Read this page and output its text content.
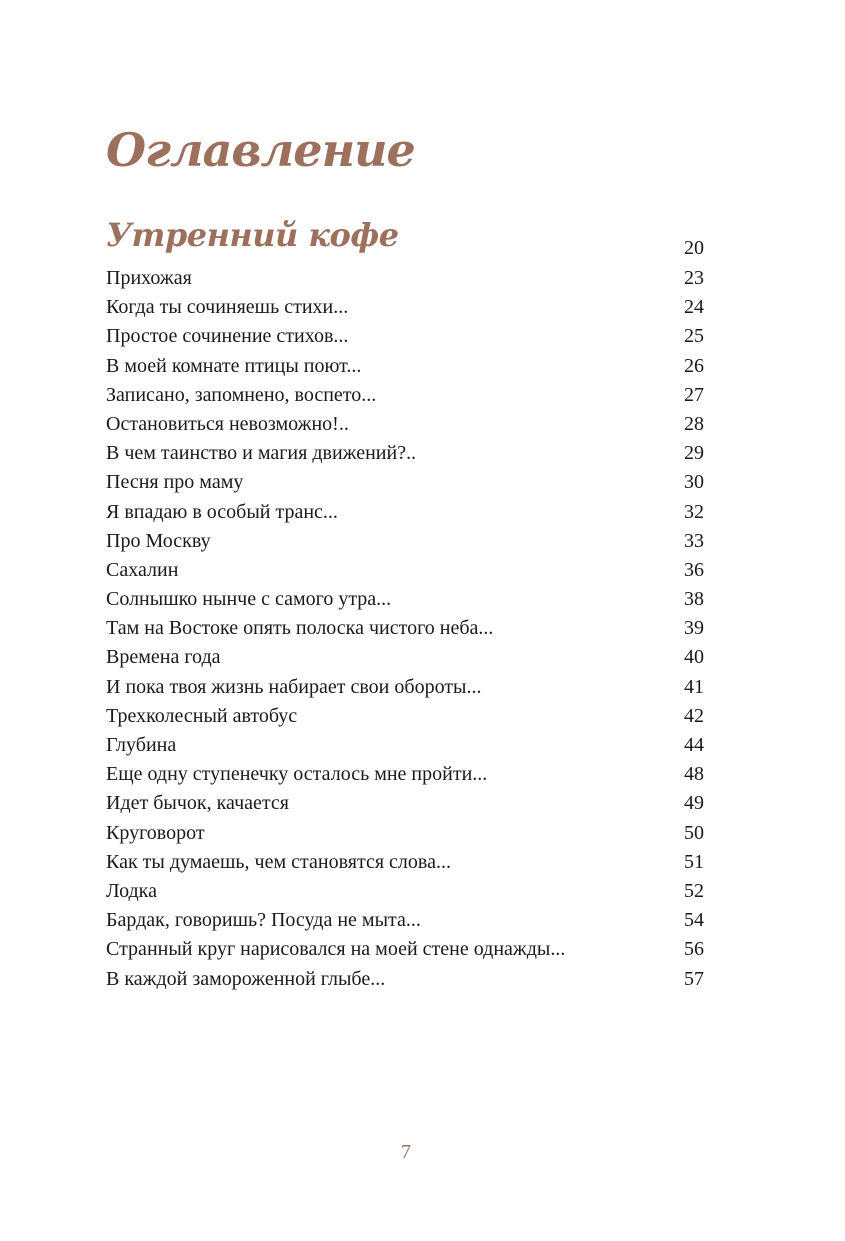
Оглавление
Утренний кофе	20
Прихожая	23
Когда ты сочиняешь стихи...	24
Простое сочинение стихов...	25
В моей комнате птицы поют...	26
Записано, запомнено, воспето...	27
Остановиться невозможно!..	28
В чем таинство и магия движений?..	29
Песня про маму	30
Я впадаю в особый транс...	32
Про Москву	33
Сахалин	36
Солнышко нынче с самого утра...	38
Там на Востоке опять полоска чистого неба...	39
Времена года	40
И пока твоя жизнь набирает свои обороты...	41
Трехколесный автобус	42
Глубина	44
Еще одну ступенечку осталось мне пройти...	48
Идет бычок, качается	49
Круговорот	50
Как ты думаешь, чем становятся слова...	51
Лодка	52
Бардак, говоришь? Посуда не мыта...	54
Странный круг нарисовался на моей стене однажды...	56
В каждой замороженной глыбе...	57
7
